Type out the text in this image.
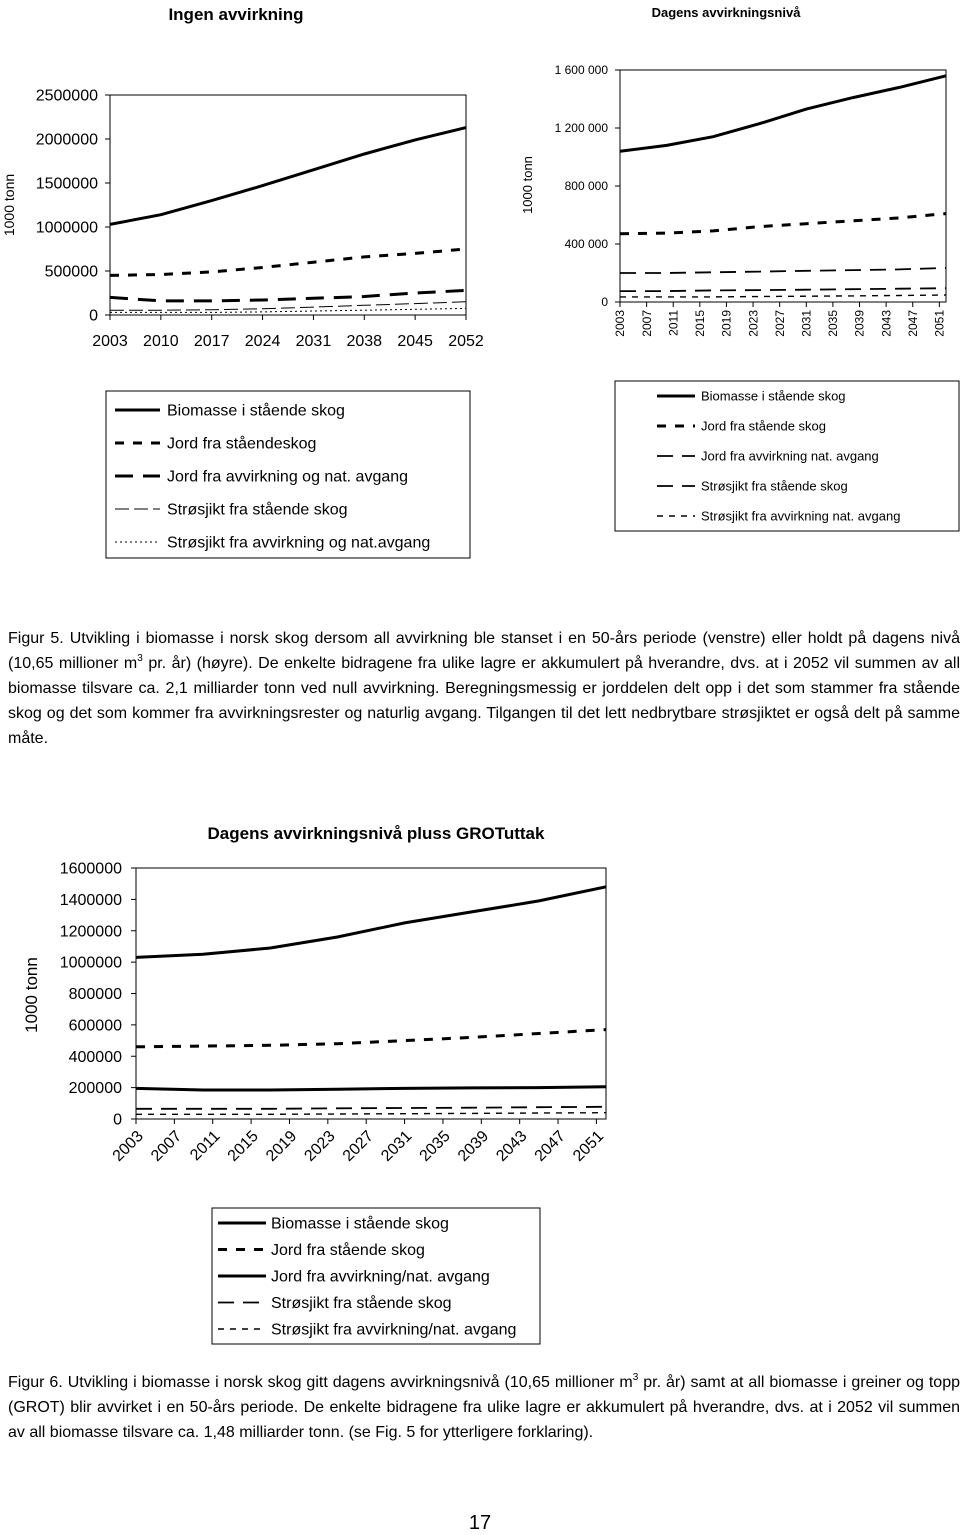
Ingen avvirkning
1000 tonn
0
500000
1000000
1500000
2000000
2500000
2003 2010 2017 2024 2031 2038 2045 2052
Dagens avvirkningsnivå
1000 tonn
0
400 000
800 000
1 200 000
1 600 000
2003 2007 2011 2015 2019 2023 2027 2031 2035 2039 2043 2047 2051
Biomasse i stående skog
Jord fra ståendeskog
Jord fra avvirkning og nat. avgang
Strøsjikt fra stående skog
Strøsjikt fra avvirkning og nat.avgang
Biomasse i stående skog
Jord fra stående skog
Jord fra avvirkning nat. avgang
Strøsjikt fra stående skog
Strøsjikt fra avvirkning nat. avgang
Dagens avvirkningsnivå pluss GROTuttak
1000 tonn
0
200000
400000
600000
800000
1000000
1200000
1400000
1600000
2003 2007 2011 2015 2019 2023 2027 2031 2035 2039 2043 2047 2051
Biomasse i stående skog
Jord fra stående skog
Jord fra avvirkning/nat. avgang
Strøsjikt fra stående skog
Strøsjikt fra avvirkning/nat. avgang
Figur 5. Utvikling i biomasse i norsk skog dersom all avvirkning ble stanset i en 50-års periode (venstre) eller holdt på dagens nivå (10,65 millioner $m^3$ pr. år) (høyre). De enkelte bidragene fra ulike lagre er akkumulert på hverandre, dvs. at i 2052 vil summen av all biomasse tilsvare ca. 2,1 milliarder tonn ved null avvirkning. Beregningsmessig er jorddelen delt opp i det som stammer fra stående skog og det som kommer fra avvirkningsrester og naturlig avgang. Tilgangen til det lett nedbrytbare strøsjiktet er også delt på samme måte.
Figur 6. Utvikling i biomasse i norsk skog gitt dagens avvirkningsnivå (10,65 millioner $m^3$ pr. år) samt at all biomasse i greiner og topp (GROT) blir avvirket i en 50-års periode. De enkelte bidragene fra ulike lagre er akkumulert på hverandre, dvs. at i 2052 vil summen av all biomasse tilsvare ca. 1,48 milliarder tonn. (se Fig. 5 for ytterligere forklaring).
17
